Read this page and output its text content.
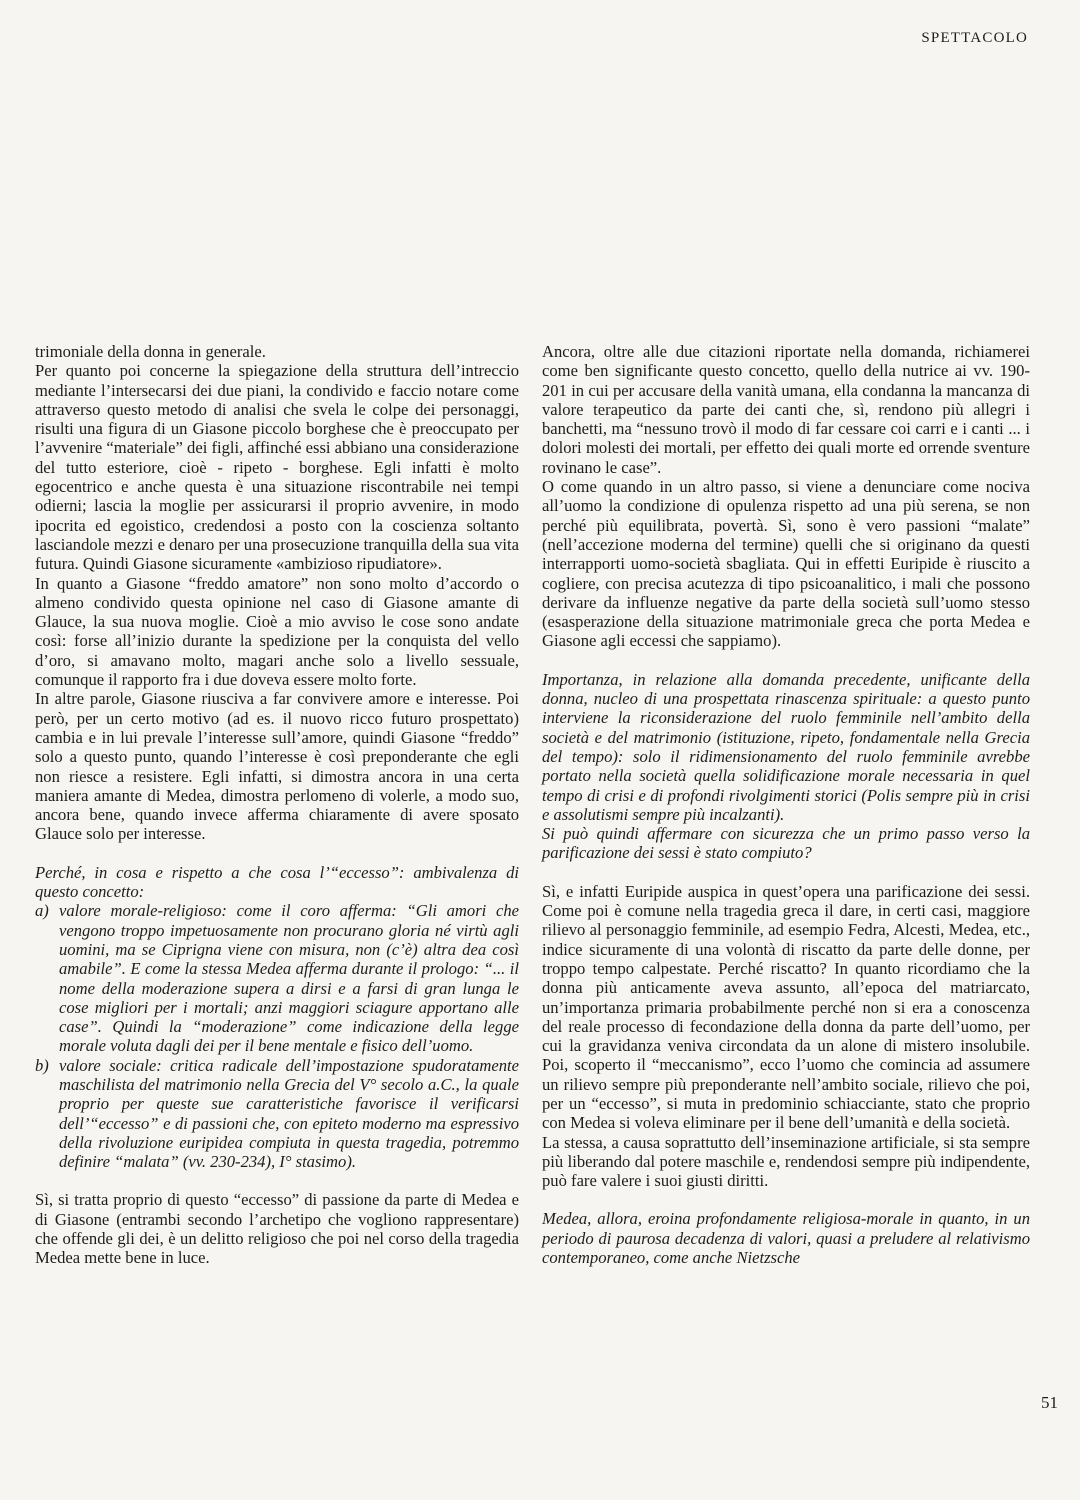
SPETTACOLO

trimoniale della donna in generale.

Per quanto poi concerne la spiegazione della struttura dell’intreccio mediante l’intersecarsi dei due piani, la condivido e faccio notare come attraverso questo metodo di analisi che svela le colpe dei personaggi, risulti una figura di un Giasone piccolo borghese che è preoccupato per l’avvenire “materiale” dei figli, affinché essi abbiano una considerazione del tutto esteriore, cioè - ripeto - borghese. Egli infatti è molto egocentrico e anche questa è una situazione riscontrabile nei tempi odierni; lascia la moglie per assicurarsi il proprio avvenire, in modo ipocrita ed egoistico, credendosi a posto con la coscienza soltanto lasciandole mezzi e denaro per una prosecuzione tranquilla della sua vita futura. Quindi Giasone sicuramente «ambizioso ripudiatore».

In quanto a Giasone “freddo amatore” non sono molto d’accordo o almeno condivido questa opinione nel caso di Giasone amante di Glauce, la sua nuova moglie. Cioè a mio avviso le cose sono andate così: forse all’inizio durante la spedizione per la conquista del vello d’oro, si amavano molto, magari anche solo a livello sessuale, comunque il rapporto fra i due doveva essere molto forte.

In altre parole, Giasone riusciva a far convivere amore e interesse. Poi però, per un certo motivo (ad es. il nuovo ricco futuro prospettato) cambia e in lui prevale l’interesse sull’amore, quindi Giasone “freddo” solo a questo punto, quando l’interesse è così preponderante che egli non riesce a resistere. Egli infatti, si dimostra ancora in una certa maniera amante di Medea, dimostra perlomeno di volerle, a modo suo, ancora bene, quando invece afferma chiaramente di avere sposato Glauce solo per interesse.

Perché, in cosa e rispetto a che cosa l’“eccesso”: ambivalenza di questo concetto:

a) valore morale-religioso: come il coro afferma: “Gli amori che vengono troppo impetuosamente non procurano gloria né virtù agli uomini, ma se Ciprigna viene con misura, non (c’è) altra dea così amabile”. E come la stessa Medea afferma durante il prologo: “... il nome della moderazione supera a dirsi e a farsi di gran lunga le cose migliori per i mortali; anzi maggiori sciagure apportano alle case”. Quindi la “moderazione” come indicazione della legge morale voluta dagli dei per il bene mentale e fisico dell’uomo.
b) valore sociale: critica radicale dell’impostazione spudoratamente maschilista del matrimonio nella Grecia del V° secolo a.C., la quale proprio per queste sue caratteristiche favorisce il verificarsi dell’“eccesso” e di passioni che, con epiteto moderno ma espressivo della rivoluzione euripidea compiuta in questa tragedia, potremmo definire “malata” (vv. 230-234), I° stasimo).

Sì, si tratta proprio di questo “eccesso” di passione da parte di Medea e di Giasone (entrambi secondo l’archetipo che vogliono rappresentare) che offende gli dei, è un delitto religioso che poi nel corso della tragedia Medea mette bene in luce.

Ancora, oltre alle due citazioni riportate nella domanda, richiamerei come ben significante questo concetto, quello della nutrice ai vv. 190-201 in cui per accusare della vanità umana, ella condanna la mancanza di valore terapeutico da parte dei canti che, sì, rendono più allegri i banchetti, ma “nessuno trovò il modo di far cessare coi carri e i canti ... i dolori molesti dei mortali, per effetto dei quali morte ed orrende sventure rovinano le case”.

O come quando in un altro passo, si viene a denunciare come nociva all’uomo la condizione di opulenza rispetto ad una più serena, se non perché più equilibrata, povertà. Sì, sono è vero passioni “malate” (nell’accezione moderna del termine) quelli che si originano da questi interrapporti uomo-società sbagliata. Qui in effetti Euripide è riuscito a cogliere, con precisa acutezza di tipo psicoanalitico, i mali che possono derivare da influenze negative da parte della società sull’uomo stesso (esasperazione della situazione matrimoniale greca che porta Medea e Giasone agli eccessi che sappiamo).

Importanza, in relazione alla domanda precedente, unificante della donna, nucleo di una prospettata rinascenza spirituale: a questo punto interviene la riconsiderazione del ruolo femminile nell’ambito della società e del matrimonio (istituzione, ripeto, fondamentale nella Grecia del tempo): solo il ridimensionamento del ruolo femminile avrebbe portato nella società quella solidificazione morale necessaria in quel tempo di crisi e di profondi rivolgimenti storici (Polis sempre più in crisi e assolutismi sempre più incalzanti).

Si può quindi affermare con sicurezza che un primo passo verso la parificazione dei sessi è stato compiuto?

Sì, e infatti Euripide auspica in quest’opera una parificazione dei sessi. Come poi è comune nella tragedia greca il dare, in certi casi, maggiore rilievo al personaggio femminile, ad esempio Fedra, Alcesti, Medea, etc., indice sicuramente di una volontà di riscatto da parte delle donne, per troppo tempo calpestate. Perché riscatto? In quanto ricordiamo che la donna più anticamente aveva assunto, all’epoca del matriarcato, un’importanza primaria probabilmente perché non si era a conoscenza del reale processo di fecondazione della donna da parte dell’uomo, per cui la gravidanza veniva circondata da un alone di mistero insolubile. Poi, scoperto il “meccanismo”, ecco l’uomo che comincia ad assumere un rilievo sempre più preponderante nell’ambito sociale, rilievo che poi, per un “eccesso”, si muta in predominio schiacciante, stato che proprio con Medea si voleva eliminare per il bene dell’umanità e della società.

La stessa, a causa soprattutto dell’inseminazione artificiale, si sta sempre più liberando dal potere maschile e, rendendosi sempre più indipendente, può fare valere i suoi giusti diritti.

Medea, allora, eroina profondamente religiosa-morale in quanto, in un periodo di paurosa decadenza di valori, quasi a preludere al relativismo contemporaneo, come anche Nietzsche

51
